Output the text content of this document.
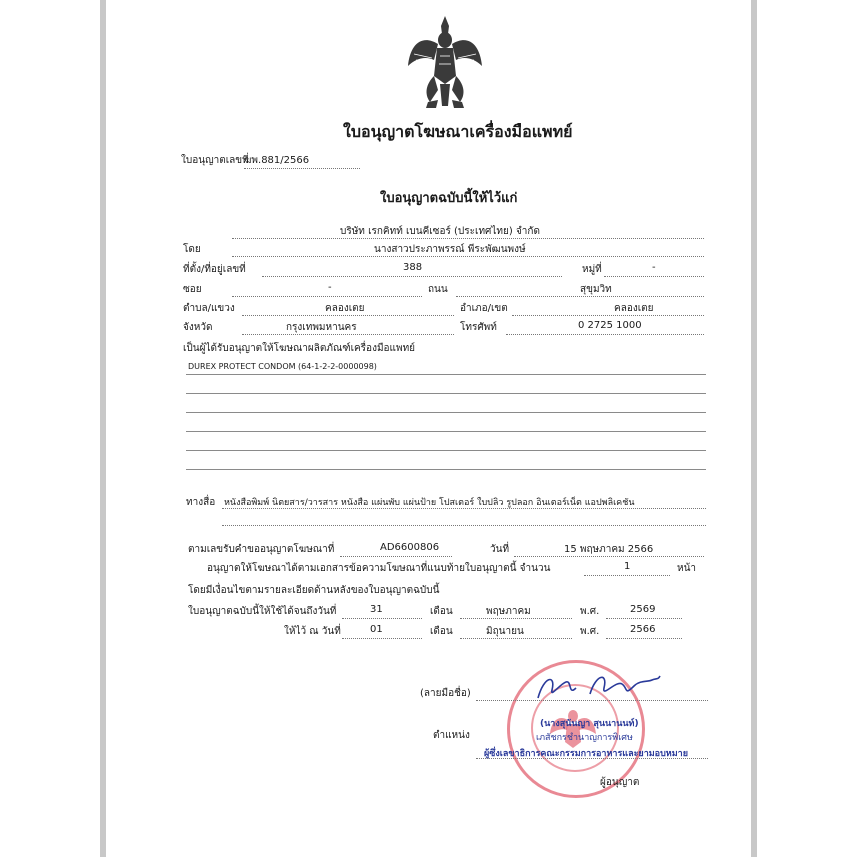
ใบอนุญาตโฆษณาเครื่องมือแพทย์
ใบอนุญาตเลขที่
ฆพ.881/2566
ใบอนุญาตฉบับนี้ให้ไว้แก่
บริษัท เรกคิทท์ เบนคีเซอร์ (ประเทศไทย) จำกัด
โดย	นางสาวประภาพรรณ์ พีระพัฒนพงษ์
ที่ตั้ง/ที่อยู่เลขที่	388	หมู่ที่	-
ซอย	-	ถนน	สุขุมวิท
ตำบล/แขวง	คลองเตย	อำเภอ/เขต	คลองเตย
จังหวัด	กรุงเทพมหานคร	โทรศัพท์	0 2725 1000
เป็นผู้ได้รับอนุญาตให้โฆษณาผลิตภัณฑ์เครื่องมือแพทย์
DUREX PROTECT CONDOM (64-1-2-2-0000098)
ทางสื่อ หนังสือพิมพ์ นิตยสาร/วารสาร หนังสือ แผ่นพับ แผ่นป้าย โปสเตอร์ ใบปลิว รูปลอก อินเตอร์เน็ต แอปพลิเคชัน
ตามเลขรับคำขออนุญาตโฆษณาที่	AD6600806	วันที่	15 พฤษภาคม 2566
อนุญาตให้โฆษณาได้ตามเอกสารข้อความโฆษณาที่แนบท้ายใบอนุญาตนี้ จำนวน	1	หน้า
โดยมีเงื่อนไขตามรายละเอียดด้านหลังของใบอนุญาตฉบับนี้
ใบอนุญาตฉบับนี้ให้ใช้ได้จนถึงวันที่	31	เดือน	พฤษภาคม	พ.ศ.	2569
ให้ไว้ ณ วันที่	01	เดือน	มิถุนายน	พ.ศ.	2566
(ลายมือชื่อ)
(นางสุนันญา สุนนานนท์)
เภสัชกรชำนาญการพิเศษ
ตำแหน่ง
ผู้ซึ่งเลขาธิการคณะกรรมการอาหารและยามอบหมาย
ผู้อนุญาต
